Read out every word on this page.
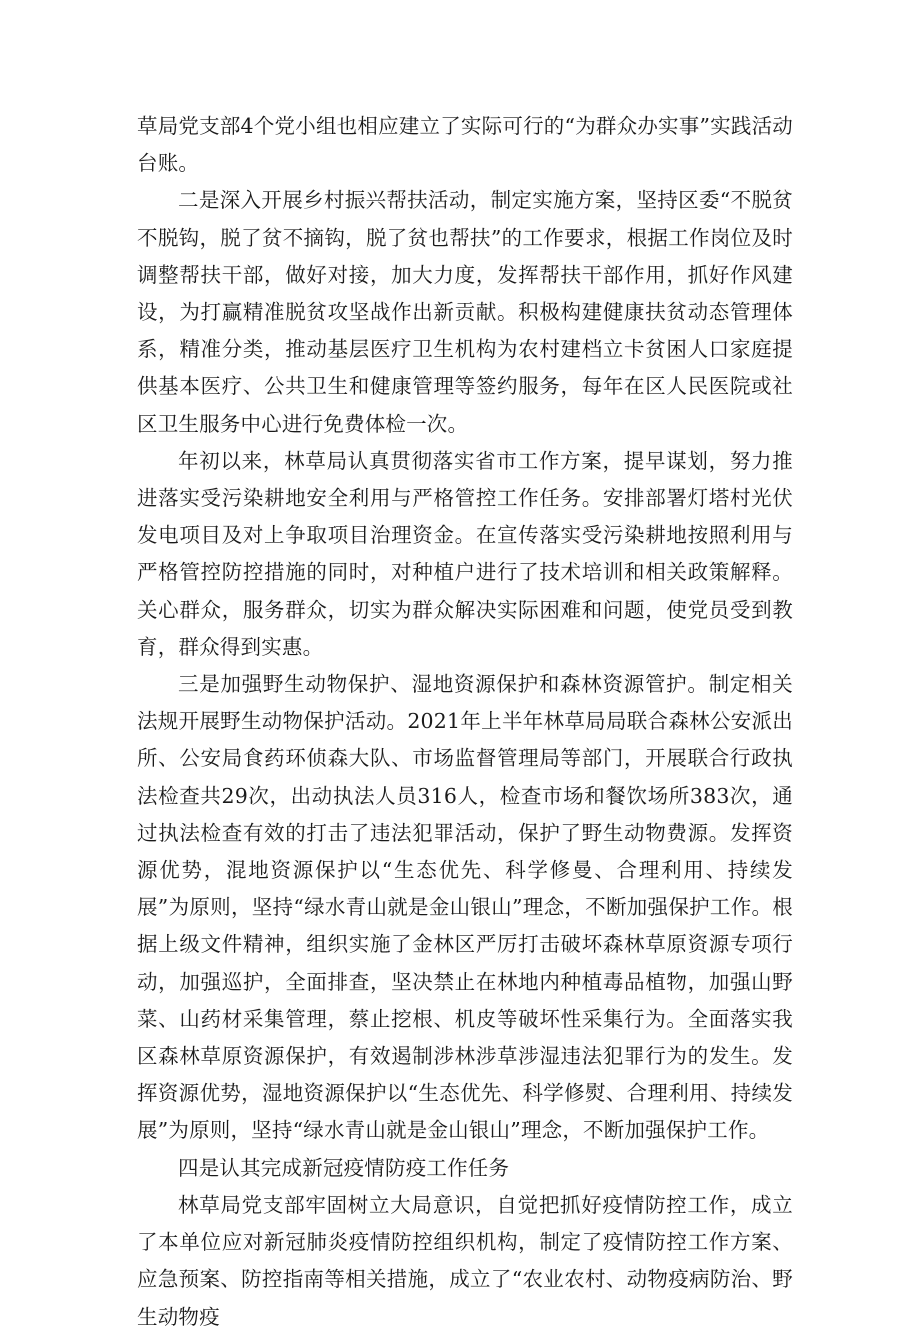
草局党支部4个党小组也相应建立了实际可行的“为群众办实事”实践活动台账。

二是深入开展乡村振兴帮扶活动，制定实施方案，坚持区委“不脱贫不脱钩，脱了贫不摘钩，脱了贫也帮扶”的工作要求，根据工作岗位及时调整帮扶干部，做好对接，加大力度，发挥帮扶干部作用，抓好作风建设，为打赢精准脱贫攻坚战作出新贡献。积极构建健康扶贫动态管理体系，精准分类，推动基层医疗卫生机构为农村建档立卡贫困人口家庭提供基本医疗、公共卫生和健康管理等签约服务，每年在区人民医院或社区卫生服务中心进行免费体检一次。

年初以来，林草局认真贯彻落实省市工作方案，提早谋划，努力推进落实受污染耕地安全利用与严格管控工作任务。安排部署灯塔村光伏发电项目及对上争取项目治理资金。在宣传落实受污染耕地按照利用与严格管控防控措施的同时，对种植户进行了技术培训和相关政策解释。关心群众，服务群众，切实为群众解决实际困难和问题，使党员受到教育，群众得到实惠。

三是加强野生动物保护、湿地资源保护和森林资源管护。制定相关法规开展野生动物保护活动。2021年上半年林草局局联合森林公安派出所、公安局食药环侦森大队、市场监督管理局等部门，开展联合行政执法检查共29次，出动执法人员316人，检查市场和餐饮场所383次，通过执法检查有效的打击了违法犯罪活动，保护了野生动物费源。发挥资源优势，混地资源保护以“生态优先、科学修曼、合理利用、持续发展”为原则，坚持“绿水青山就是金山银山”理念，不断加强保护工作。根据上级文件精神，组织实施了金林区严厉打击破坏森林草原资源专项行动，加强巡护，全面排查，坚决禁止在林地内种植毒品植物，加强山野菜、山药材采集管理，蔡止挖根、机皮等破坏性采集行为。全面落实我区森林草原资源保护，有效遏制涉林涉草涉湿违法犯罪行为的发生。发挥资源优势，湿地资源保护以“生态优先、科学修熨、合理利用、持续发展”为原则，坚持“绿水青山就是金山银山”理念，不断加强保护工作。

四是认其完成新冠疫情防疫工作任务

林草局党支部牢固树立大局意识，自觉把抓好疫情防控工作，成立了本单位应对新冠肺炎疫情防控组织机构，制定了疫情防控工作方案、应急预案、防控指南等相关措施，成立了“农业农村、动物疫病防治、野生动物疫
